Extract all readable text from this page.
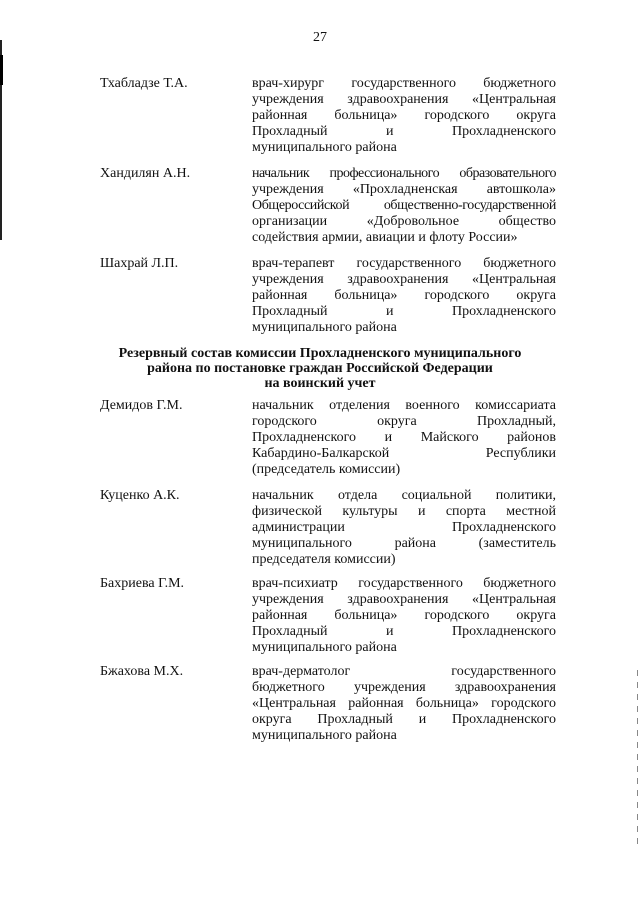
27
Тхабладзе Т.А.	врач-хирург государственного бюджетного
учреждения здравоохранения «Центральная
районная больница» городского округа
Прохладный и Прохладненского
муниципального района
Хандилян А.Н.	начальник профессионального образовательного
учреждения «Прохладненская автошкола»
Общероссийской общественно-государственной
организации «Добровольное общество
содействия армии, авиации и флоту России»
Шахрай Л.П.	врач-терапевт государственного бюджетного
учреждения здравоохранения «Центральная
районная больница» городского округа
Прохладный и Прохладненского
муниципального района
Резервный состав комиссии Прохладненского муниципального
района по постановке граждан Российской Федерации
на воинский учет
Демидов Г.М.	начальник отделения военного комиссариата
городского округа Прохладный,
Прохладненского и Майского районов
Кабардино-Балкарской Республики
(председатель комиссии)
Куценко А.К.	начальник отдела социальной политики,
физической культуры и спорта местной
администрации Прохладненского
муниципального района (заместитель
председателя комиссии)
Бахриева Г.М.	врач-психиатр государственного бюджетного
учреждения здравоохранения «Центральная
районная больница» городского округа
Прохладный и Прохладненского
муниципального района
Бжахова М.Х.	врач-дерматолог государственного
бюджетного учреждения здравоохранения
«Центральная районная больница» городского
округа Прохладный и Прохладненского
муниципального района
